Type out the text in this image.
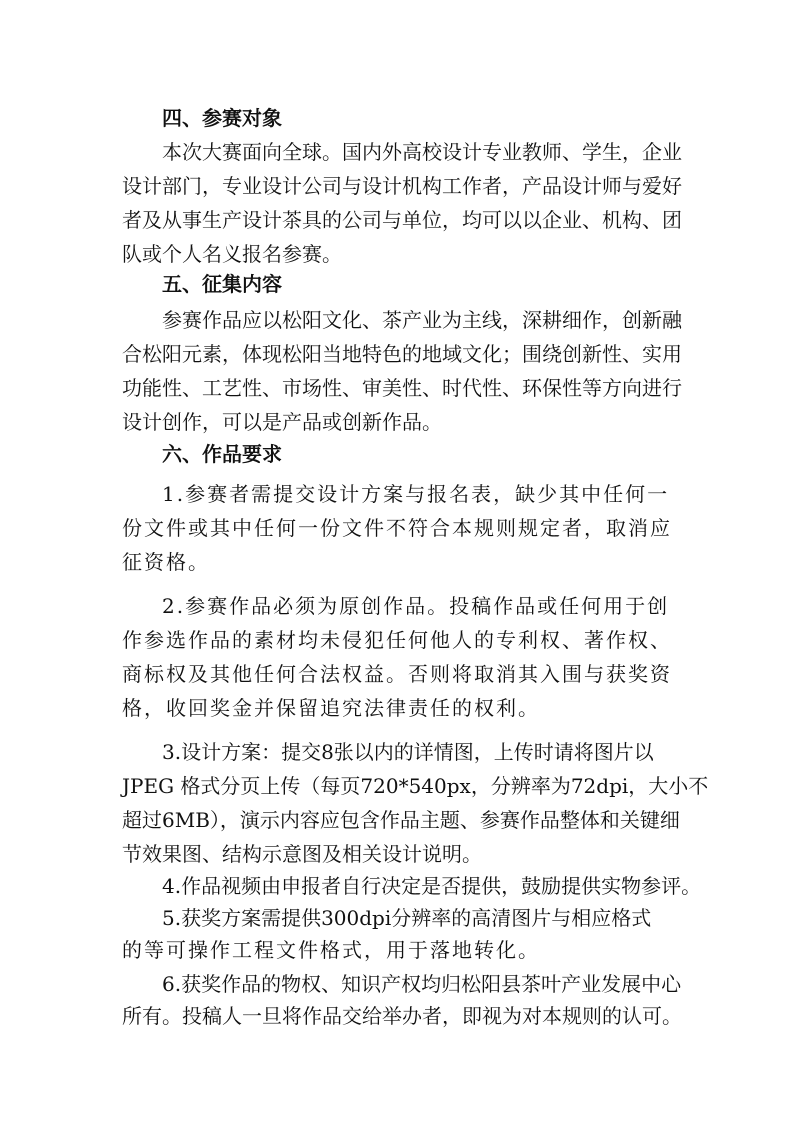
四、参赛对象
本次大赛面向全球。国内外高校设计专业教师、学生，企业
设计部门，专业设计公司与设计机构工作者，产品设计师与爱好
者及从事生产设计茶具的公司与单位，均可以以企业、机构、团
队或个人名义报名参赛。
五、征集内容
参赛作品应以松阳文化、茶产业为主线，深耕细作，创新融
合松阳元素，体现松阳当地特色的地域文化；围绕创新性、实用
功能性、工艺性、市场性、审美性、时代性、环保性等方向进行
设计创作，可以是产品或创新作品。
六、作品要求
1.参赛者需提交设计方案与报名表，缺少其中任何一
份文件或其中任何一份文件不符合本规则规定者，取消应
征资格。
2.参赛作品必须为原创作品。投稿作品或任何用于创
作参选作品的素材均未侵犯任何他人的专利权、著作权、
商标权及其他任何合法权益。否则将取消其入围与获奖资
格，收回奖金并保留追究法律责任的权利。
3.设计方案：提交8张以内的详情图，上传时请将图片以
JPEG 格式分页上传（每页720*540px，分辨率为72dpi，大小不
超过6MB），演示内容应包含作品主题、参赛作品整体和关键细
节效果图、结构示意图及相关设计说明。
4.作品视频由申报者自行决定是否提供，鼓励提供实物参评。
5.获奖方案需提供300dpi分辨率的高清图片与相应格式
的等可操作工程文件格式，用于落地转化。
6.获奖作品的物权、知识产权均归松阳县茶叶产业发展中心
所有。投稿人一旦将作品交给举办者，即视为对本规则的认可。
